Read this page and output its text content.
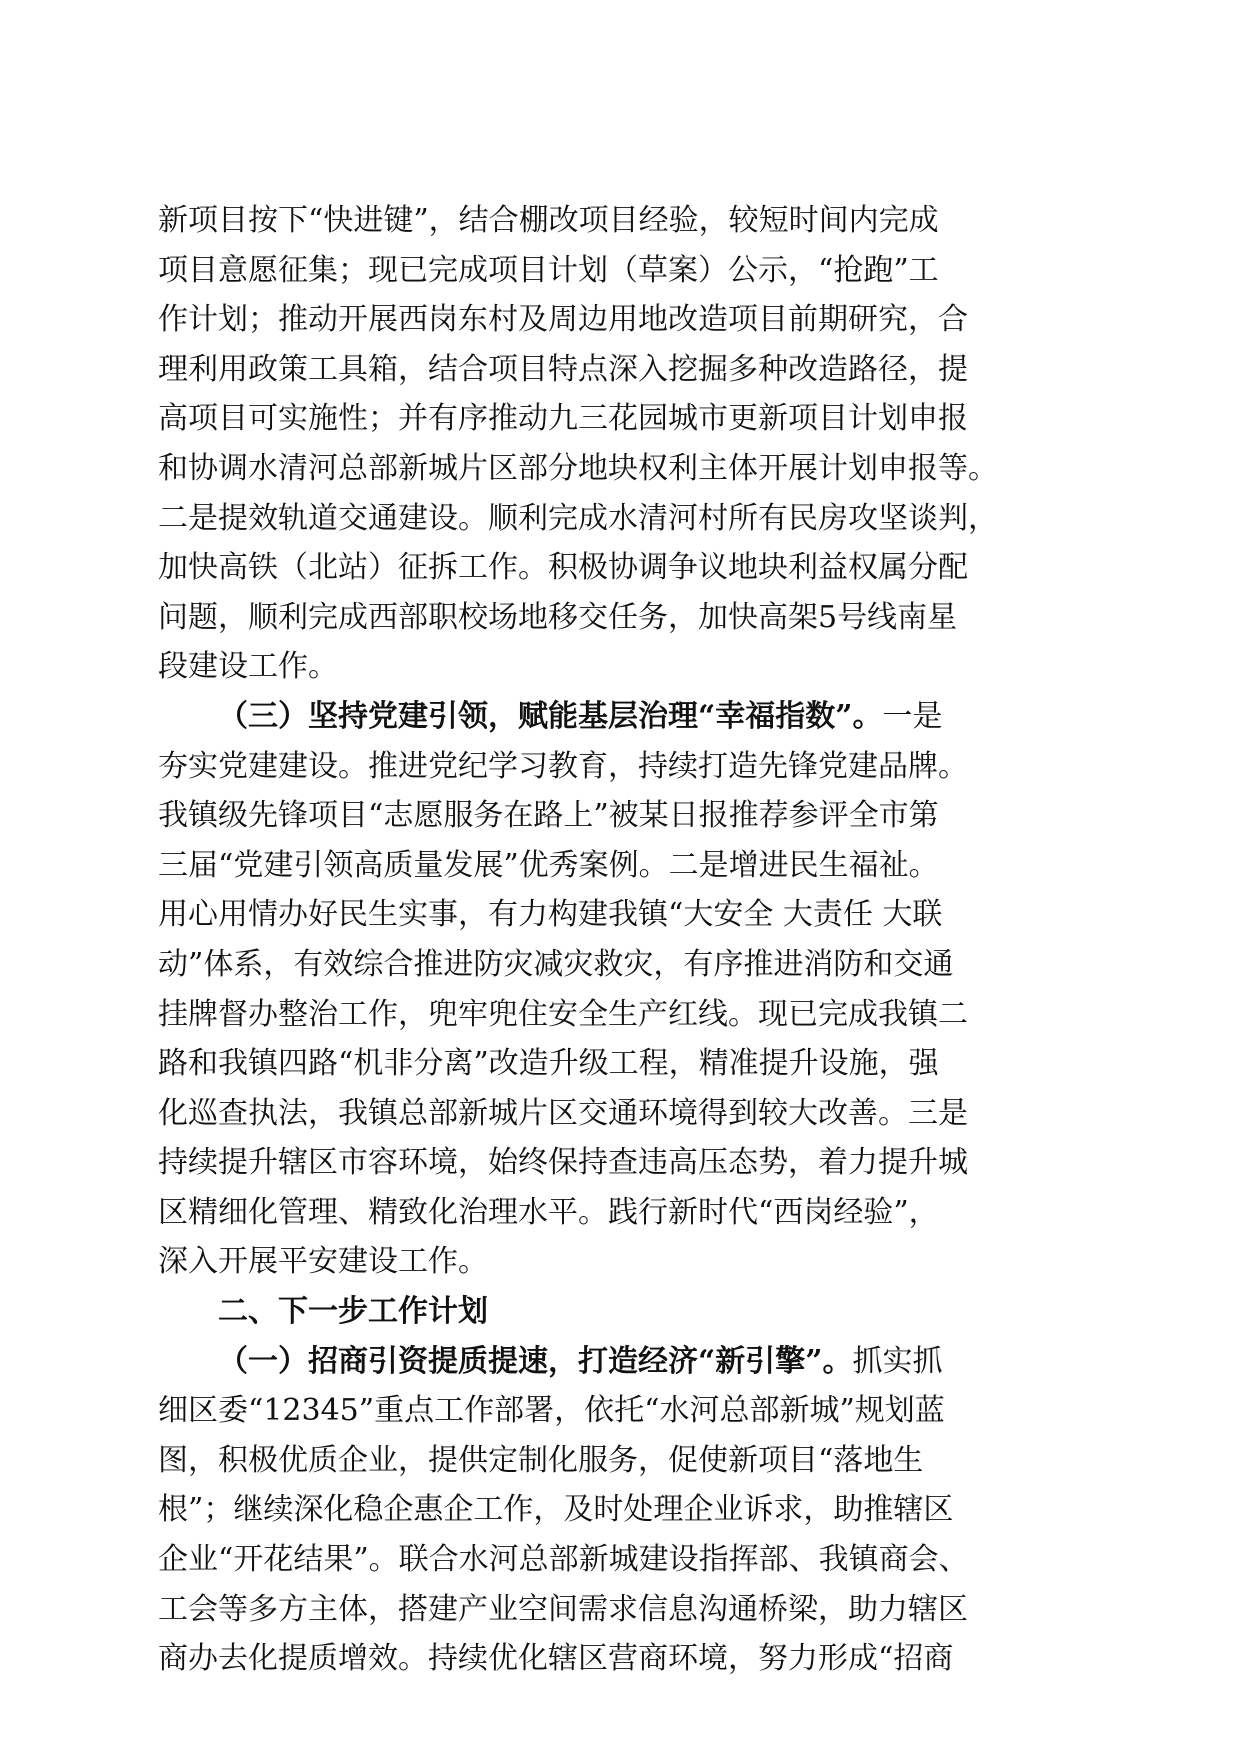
新项目按下“快进键”，结合棚改项目经验，较短时间内完成
项目意愿征集；现已完成项目计划（草案）公示，“抢跑”工
作计划；推动开展西岗东村及周边用地改造项目前期研究，合
理利用政策工具箱，结合项目特点深入挖掘多种改造路径，提
高项目可实施性；并有序推动九三花园城市更新项目计划申报
和协调水清河总部新城片区部分地块权利主体开展计划申报等。
二是提效轨道交通建设。顺利完成水清河村所有民房攻坚谈判，
加快高铁（北站）征拆工作。积极协调争议地块利益权属分配
问题，顺利完成西部职校场地移交任务，加快高架5号线南星
段建设工作。
（三）坚持党建引领，赋能基层治理“幸福指数”。一是
夯实党建建设。推进党纪学习教育，持续打造先锋党建品牌。
我镇级先锋项目“志愿服务在路上”被某日报推荐参评全市第
三届“党建引领高质量发展”优秀案例。二是增进民生福祉。
用心用情办好民生实事，有力构建我镇“大安全 大责任 大联
动”体系，有效综合推进防灾减灾救灾，有序推进消防和交通
挂牌督办整治工作，兜牢兜住安全生产红线。现已完成我镇二
路和我镇四路“机非分离”改造升级工程，精准提升设施，强
化巡查执法，我镇总部新城片区交通环境得到较大改善。三是
持续提升辖区市容环境，始终保持查违高压态势，着力提升城
区精细化管理、精致化治理水平。践行新时代“西岗经验”，
深入开展平安建设工作。
二、下一步工作计划
（一）招商引资提质提速，打造经济“新引擎”。抓实抓
细区委“12345”重点工作部署，依托“水河总部新城”规划蓝
图，积极优质企业，提供定制化服务，促使新项目“落地生
根”；继续深化稳企惠企工作，及时处理企业诉求，助推辖区
企业“开花结果”。联合水河总部新城建设指挥部、我镇商会、
工会等多方主体，搭建产业空间需求信息沟通桥梁，助力辖区
商办去化提质增效。持续优化辖区营商环境，努力形成“招商
